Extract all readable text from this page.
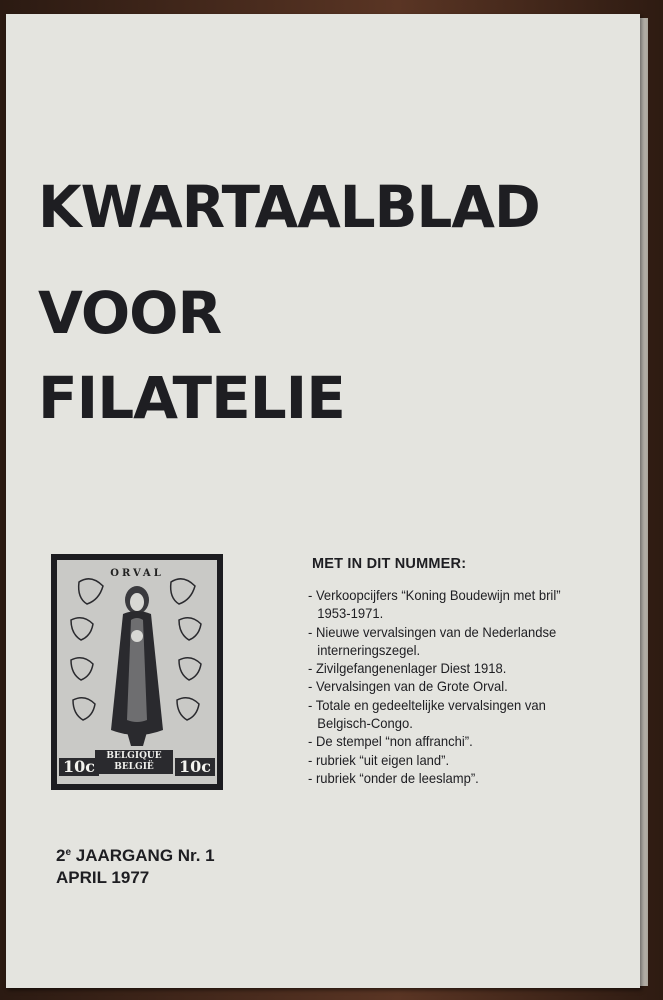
KWARTAALBLAD
VOOR
FILATELIE
ORVAL
10c
BELGIQUE BELGIË	10c
MET IN DIT NUMMER:
- Verkoopcijfers “Koning Boudewijn met bril” 1953-1971.
- Nieuwe vervalsingen van de Nederlandse interneringszegel.
- Zivilgefangenenlager Diest 1918.
- Vervalsingen van de Grote Orval.
- Totale en gedeeltelijke vervalsingen van Belgisch-Congo.
- De stempel “non affranchi”.
- rubriek “uit eigen land”.
- rubriek “onder de leeslamp”.
2e JAARGANG Nr. 1
APRIL 1977
